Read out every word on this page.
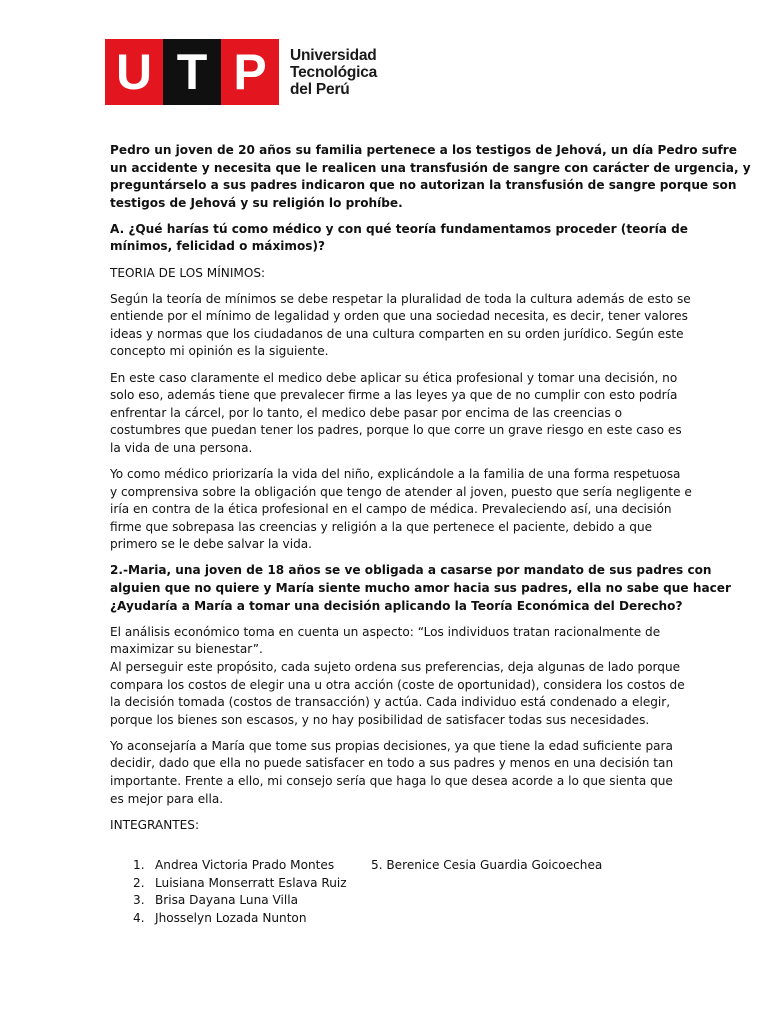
U T P	Universidad
Tecnológica
del Perú

Pedro un joven de 20 años su familia pertenece a los testigos de Jehová, un día Pedro sufre
un accidente y necesita que le realicen una transfusión de sangre con carácter de urgencia, y
preguntárselo a sus padres indicaron que no autorizan la transfusión de sangre porque son
testigos de Jehová y su religión lo prohíbe.

A. ¿Qué harías tú como médico y con qué teoría fundamentamos proceder (teoría de
mínimos, felicidad o máximos)?

TEORIA DE LOS MÍNIMOS:

Según la teoría de mínimos se debe respetar la pluralidad de toda la cultura además de esto se
entiende por el mínimo de legalidad y orden que una sociedad necesita, es decir, tener valores
ideas y normas que los ciudadanos de una cultura comparten en su orden jurídico. Según este
concepto mi opinión es la siguiente.

En este caso claramente el medico debe aplicar su ética profesional y tomar una decisión, no
solo eso, además tiene que prevalecer firme a las leyes ya que de no cumplir con esto podría
enfrentar la cárcel, por lo tanto, el medico debe pasar por encima de las creencias o
costumbres que puedan tener los padres, porque lo que corre un grave riesgo en este caso es
la vida de una persona.

Yo como médico priorizaría la vida del niño, explicándole a la familia de una forma respetuosa
y comprensiva sobre la obligación que tengo de atender al joven, puesto que sería negligente e
iría en contra de la ética profesional en el campo de médica. Prevaleciendo así, una decisión
firme que sobrepasa las creencias y religión a la que pertenece el paciente, debido a que
primero se le debe salvar la vida.

2.-Maria, una joven de 18 años se ve obligada a casarse por mandato de sus padres con
alguien que no quiere y María siente mucho amor hacia sus padres, ella no sabe que hacer
¿Ayudaría a María a tomar una decisión aplicando la Teoría Económica del Derecho?

El análisis económico toma en cuenta un aspecto: “Los individuos tratan racionalmente de
maximizar su bienestar”.
Al perseguir este propósito, cada sujeto ordena sus preferencias, deja algunas de lado porque
compara los costos de elegir una u otra acción (coste de oportunidad), considera los costos de
la decisión tomada (costos de transacción) y actúa. Cada individuo está condenado a elegir,
porque los bienes son escasos, y no hay posibilidad de satisfacer todas sus necesidades.

Yo aconsejaría a María que tome sus propias decisiones, ya que tiene la edad suficiente para
decidir, dado que ella no puede satisfacer en todo a sus padres y menos en una decisión tan
importante. Frente a ello, mi consejo sería que haga lo que desea acorde a lo que sienta que
es mejor para ella.

INTEGRANTES:

1. Andrea Victoria Prado Montes
2. Luisiana Monserratt Eslava Ruiz
3. Brisa Dayana Luna Villa
4. Jhosselyn Lozada Nunton
5. Berenice Cesia Guardia Goicoechea
